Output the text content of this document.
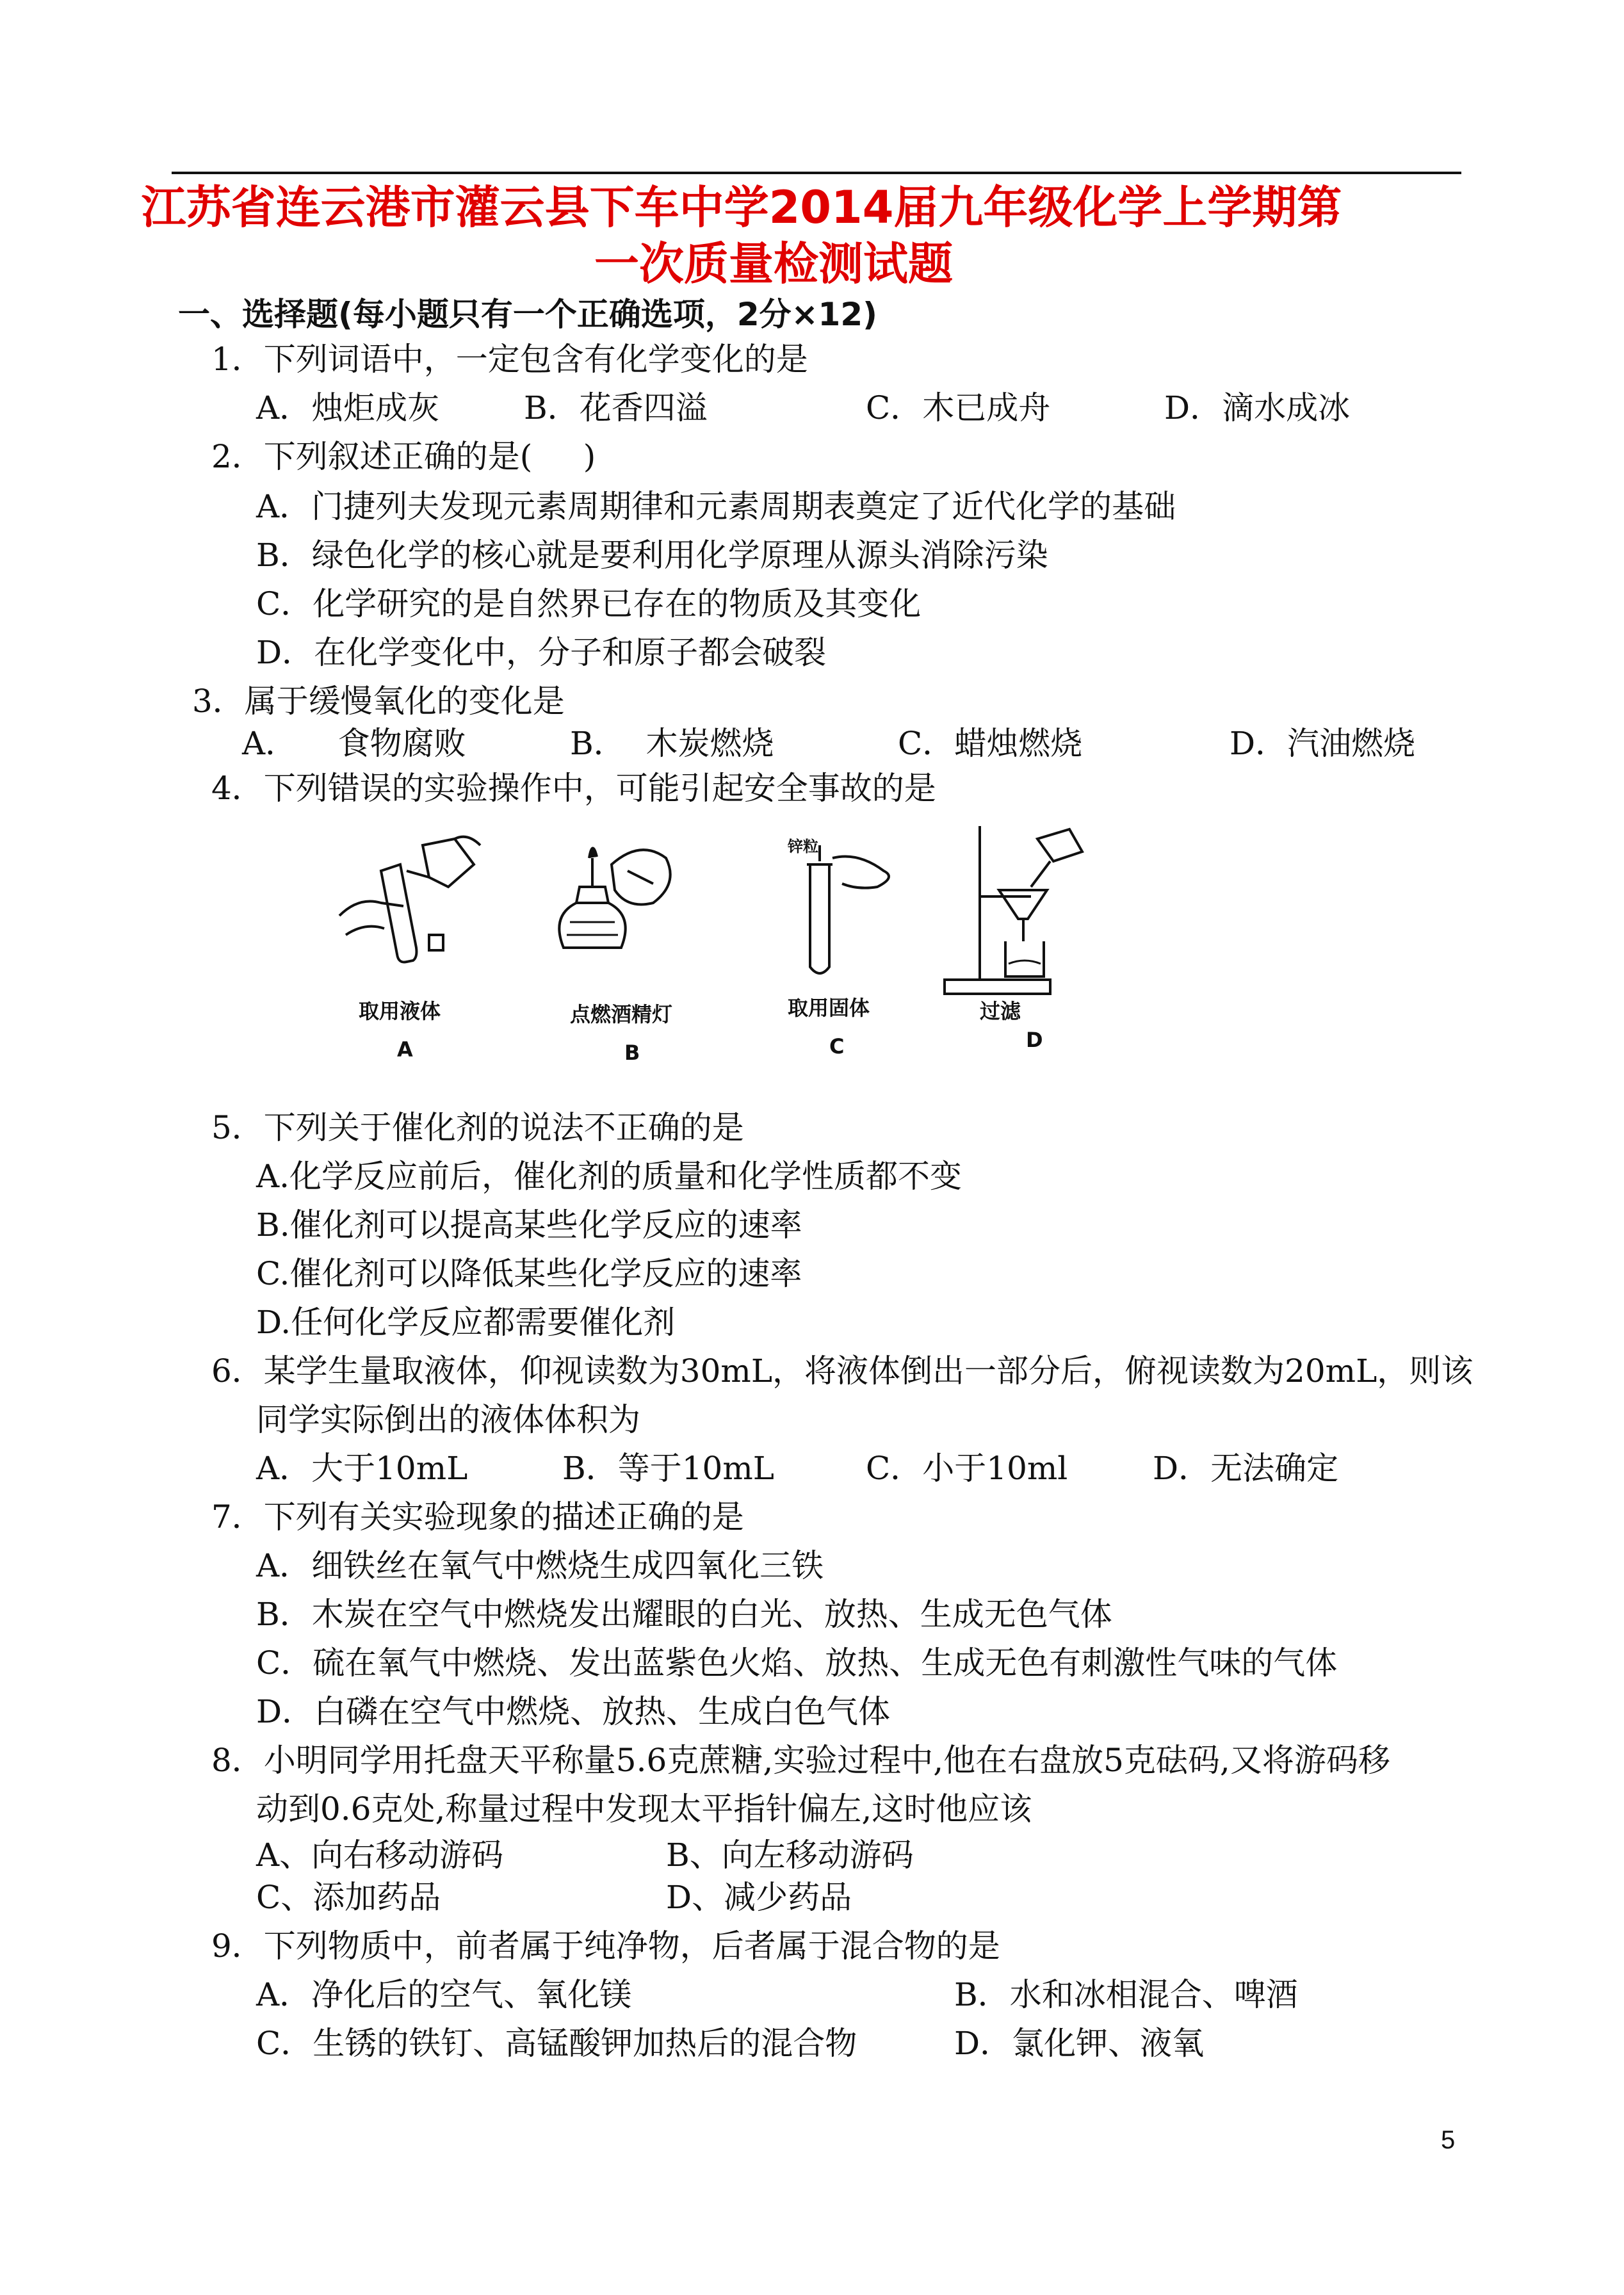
江苏省连云港市灌云县下车中学2014届九年级化学上学期第
一次质量检测试题
一、选择题(每小题只有一个正确选项，2分×12)
1．下列词语中，一定包含有化学变化的是
A．烛炬成灰	B．花香四溢	C．木已成舟	D．滴水成冰
2．下列叙述正确的是(     )
A．门捷列夫发现元素周期律和元素周期表奠定了近代化学的基础
B．绿色化学的核心就是要利用化学原理从源头消除污染
C．化学研究的是自然界已存在的物质及其变化
D．在化学变化中，分子和原子都会破裂
3．属于缓慢氧化的变化是
A．    食物腐败	B．  木炭燃烧	C．蜡烛燃烧	D．汽油燃烧
4．下列错误的实验操作中，可能引起安全事故的是
取用液体
A
点燃酒精灯
B
锌粒
取用固体
C
过滤
D
5．下列关于催化剂的说法不正确的是
A.化学反应前后，催化剂的质量和化学性质都不变
B.催化剂可以提高某些化学反应的速率
C.催化剂可以降低某些化学反应的速率
D.任何化学反应都需要催化剂
6．某学生量取液体，仰视读数为30mL，将液体倒出一部分后，俯视读数为20mL，则该
同学实际倒出的液体体积为
A．大于10mL	B．等于10mL	C．小于10ml	D．无法确定
7．下列有关实验现象的描述正确的是
A．细铁丝在氧气中燃烧生成四氧化三铁
B．木炭在空气中燃烧发出耀眼的白光、放热、生成无色气体
C．硫在氧气中燃烧、发出蓝紫色火焰、放热、生成无色有刺激性气味的气体
D．白磷在空气中燃烧、放热、生成白色气体
8．小明同学用托盘天平称量5.6克蔗糖,实验过程中,他在右盘放5克砝码,又将游码移
动到0.6克处,称量过程中发现太平指针偏左,这时他应该
A、向右移动游码	B、向左移动游码
C、添加药品	D、减少药品
9．下列物质中，前者属于纯净物，后者属于混合物的是
A．净化后的空气、氧化镁	B．水和冰相混合、啤酒
C．生锈的铁钉、高锰酸钾加热后的混合物	D．氯化钾、液氧
5
